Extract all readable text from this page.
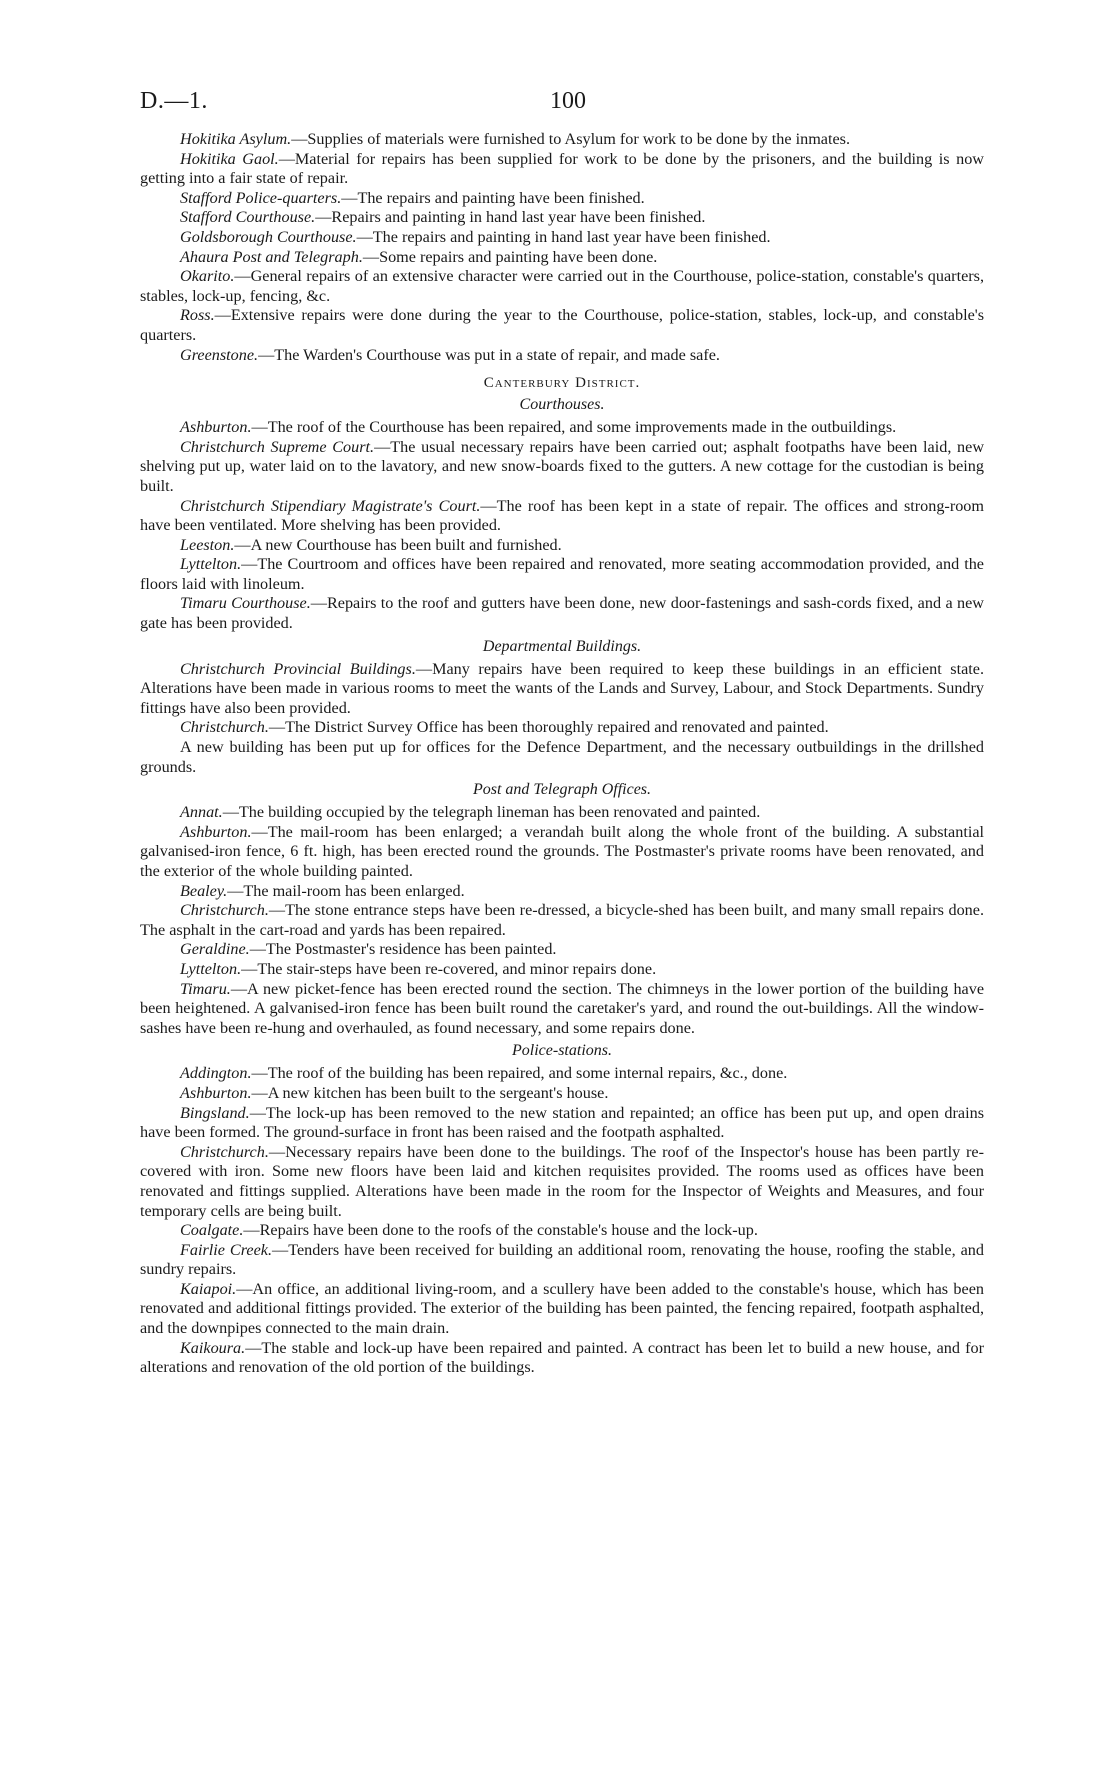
D.—1.	100

Hokitika Asylum.—Supplies of materials were furnished to Asylum for work to be done by the inmates.

Hokitika Gaol.—Material for repairs has been supplied for work to be done by the prisoners, and the building is now getting into a fair state of repair.

Stafford Police-quarters.—The repairs and painting have been finished.

Stafford Courthouse.—Repairs and painting in hand last year have been finished.

Goldsborough Courthouse.—The repairs and painting in hand last year have been finished.

Ahaura Post and Telegraph.—Some repairs and painting have been done.

Okarito.—General repairs of an extensive character were carried out in the Courthouse, police-station, constable's quarters, stables, lock-up, fencing, &c.

Ross.—Extensive repairs were done during the year to the Courthouse, police-station, stables, lock-up, and constable's quarters.

Greenstone.—The Warden's Courthouse was put in a state of repair, and made safe.

Canterbury District.
Courthouses.

Ashburton.—The roof of the Courthouse has been repaired, and some improvements made in the outbuildings.

Christchurch Supreme Court.—The usual necessary repairs have been carried out; asphalt footpaths have been laid, new shelving put up, water laid on to the lavatory, and new snow-boards fixed to the gutters. A new cottage for the custodian is being built.

Christchurch Stipendiary Magistrate's Court.—The roof has been kept in a state of repair. The offices and strong-room have been ventilated. More shelving has been provided.

Leeston.—A new Courthouse has been built and furnished.

Lyttelton.—The Courtroom and offices have been repaired and renovated, more seating accommodation provided, and the floors laid with linoleum.

Timaru Courthouse.—Repairs to the roof and gutters have been done, new door-fastenings and sash-cords fixed, and a new gate has been provided.

Departmental Buildings.

Christchurch Provincial Buildings.—Many repairs have been required to keep these buildings in an efficient state. Alterations have been made in various rooms to meet the wants of the Lands and Survey, Labour, and Stock Departments. Sundry fittings have also been provided.

Christchurch.—The District Survey Office has been thoroughly repaired and renovated and painted.

A new building has been put up for offices for the Defence Department, and the necessary outbuildings in the drillshed grounds.

Post and Telegraph Offices.

Annat.—The building occupied by the telegraph lineman has been renovated and painted.

Ashburton.—The mail-room has been enlarged; a verandah built along the whole front of the building. A substantial galvanised-iron fence, 6 ft. high, has been erected round the grounds. The Postmaster's private rooms have been renovated, and the exterior of the whole building painted.

Bealey.—The mail-room has been enlarged.

Christchurch.—The stone entrance steps have been re-dressed, a bicycle-shed has been built, and many small repairs done. The asphalt in the cart-road and yards has been repaired.

Geraldine.—The Postmaster's residence has been painted.

Lyttelton.—The stair-steps have been re-covered, and minor repairs done.

Timaru.—A new picket-fence has been erected round the section. The chimneys in the lower portion of the building have been heightened. A galvanised-iron fence has been built round the caretaker's yard, and round the out-buildings. All the window-sashes have been re-hung and overhauled, as found necessary, and some repairs done.

Police-stations.

Addington.—The roof of the building has been repaired, and some internal repairs, &c., done.

Ashburton.—A new kitchen has been built to the sergeant's house.

Bingsland.—The lock-up has been removed to the new station and repainted; an office has been put up, and open drains have been formed. The ground-surface in front has been raised and the footpath asphalted.

Christchurch.—Necessary repairs have been done to the buildings. The roof of the Inspector's house has been partly re-covered with iron. Some new floors have been laid and kitchen requisites provided. The rooms used as offices have been renovated and fittings supplied. Alterations have been made in the room for the Inspector of Weights and Measures, and four temporary cells are being built.

Coalgate.—Repairs have been done to the roofs of the constable's house and the lock-up.

Fairlie Creek.—Tenders have been received for building an additional room, renovating the house, roofing the stable, and sundry repairs.

Kaiapoi.—An office, an additional living-room, and a scullery have been added to the constable's house, which has been renovated and additional fittings provided. The exterior of the building has been painted, the fencing repaired, footpath asphalted, and the downpipes connected to the main drain.

Kaikoura.—The stable and lock-up have been repaired and painted. A contract has been let to build a new house, and for alterations and renovation of the old portion of the buildings.
